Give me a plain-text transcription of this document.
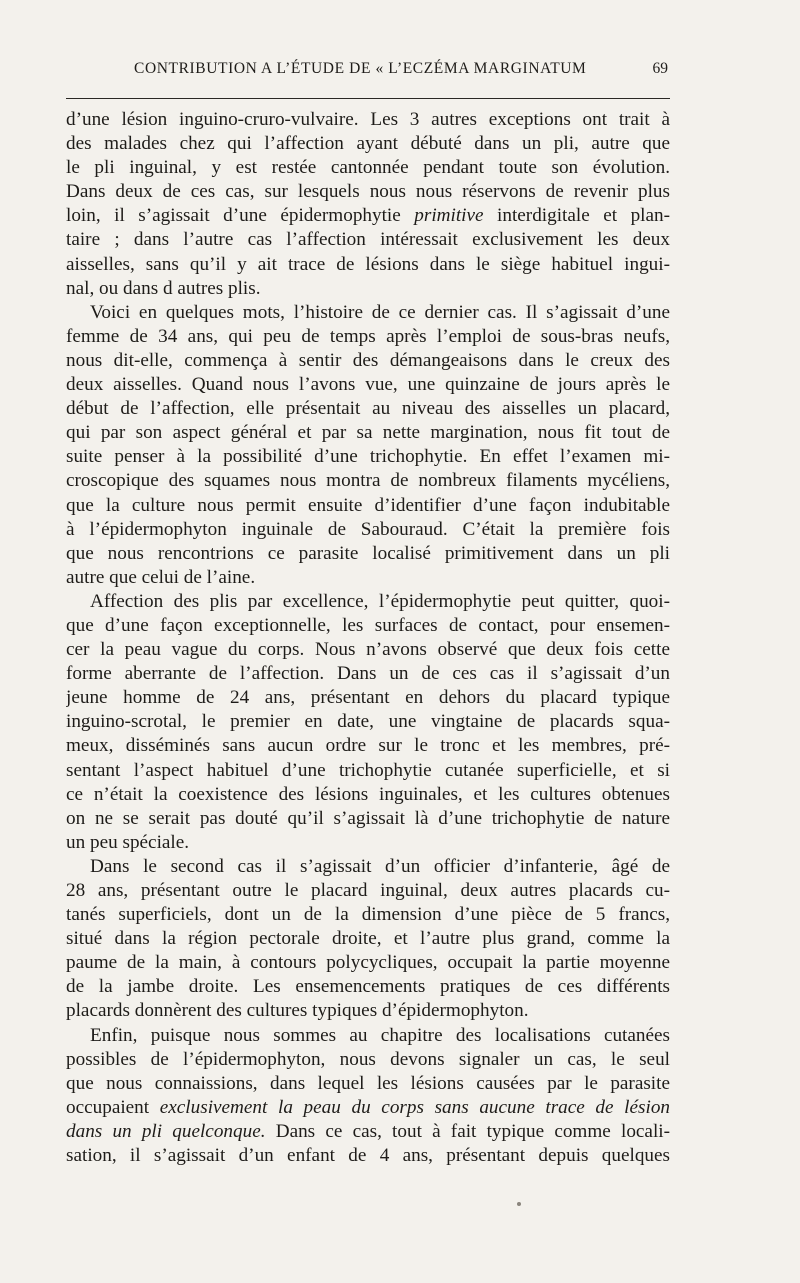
CONTRIBUTION A L’ÉTUDE DE « L’ECZÉMA MARGINATUM	69
d’une lésion inguino-cruro-vulvaire. Les 3 autres exceptions ont trait à
des malades chez qui l’affection ayant débuté dans un pli, autre que
le pli inguinal, y est restée cantonnée pendant toute son évolution.
Dans deux de ces cas, sur lesquels nous nous réservons de revenir plus
loin, il s’agissait d’une épidermophytie primitive interdigitale et plan-
taire ; dans l’autre cas l’affection intéressait exclusivement les deux
aisselles, sans qu’il y ait trace de lésions dans le siège habituel ingui-
nal, ou dans d autres plis.
Voici en quelques mots, l’histoire de ce dernier cas. Il s’agissait d’une
femme de 34 ans, qui peu de temps après l’emploi de sous-bras neufs,
nous dit-elle, commença à sentir des démangeaisons dans le creux des
deux aisselles. Quand nous l’avons vue, une quinzaine de jours après le
début de l’affection, elle présentait au niveau des aisselles un placard,
qui par son aspect général et par sa nette margination, nous fit tout de
suite penser à la possibilité d’une trichophytie. En effet l’examen mi-
croscopique des squames nous montra de nombreux filaments mycéliens,
que la culture nous permit ensuite d’identifier d’une façon indubitable
à l’épidermophyton inguinale de Sabouraud. C’était la première fois
que nous rencontrions ce parasite localisé primitivement dans un pli
autre que celui de l’aine.
Affection des plis par excellence, l’épidermophytie peut quitter, quoi-
que d’une façon exceptionnelle, les surfaces de contact, pour ensemen-
cer la peau vague du corps. Nous n’avons observé que deux fois cette
forme aberrante de l’affection. Dans un de ces cas il s’agissait d’un
jeune homme de 24 ans, présentant en dehors du placard typique
inguino-scrotal, le premier en date, une vingtaine de placards squa-
meux, disséminés sans aucun ordre sur le tronc et les membres, pré-
sentant l’aspect habituel d’une trichophytie cutanée superficielle, et si
ce n’était la coexistence des lésions inguinales, et les cultures obtenues
on ne se serait pas douté qu’il s’agissait là d’une trichophytie de nature
un peu spéciale.
Dans le second cas il s’agissait d’un officier d’infanterie, âgé de
28 ans, présentant outre le placard inguinal, deux autres placards cu-
tanés superficiels, dont un de la dimension d’une pièce de 5 francs,
situé dans la région pectorale droite, et l’autre plus grand, comme la
paume de la main, à contours polycycliques, occupait la partie moyenne
de la jambe droite. Les ensemencements pratiques de ces différents
placards donnèrent des cultures typiques d’épidermophyton.
Enfin, puisque nous sommes au chapitre des localisations cutanées
possibles de l’épidermophyton, nous devons signaler un cas, le seul
que nous connaissions, dans lequel les lésions causées par le parasite
occupaient exclusivement la peau du corps sans aucune trace de lésion
dans un pli quelconque. Dans ce cas, tout à fait typique comme locali-
sation, il s’agissait d’un enfant de 4 ans, présentant depuis quelques
